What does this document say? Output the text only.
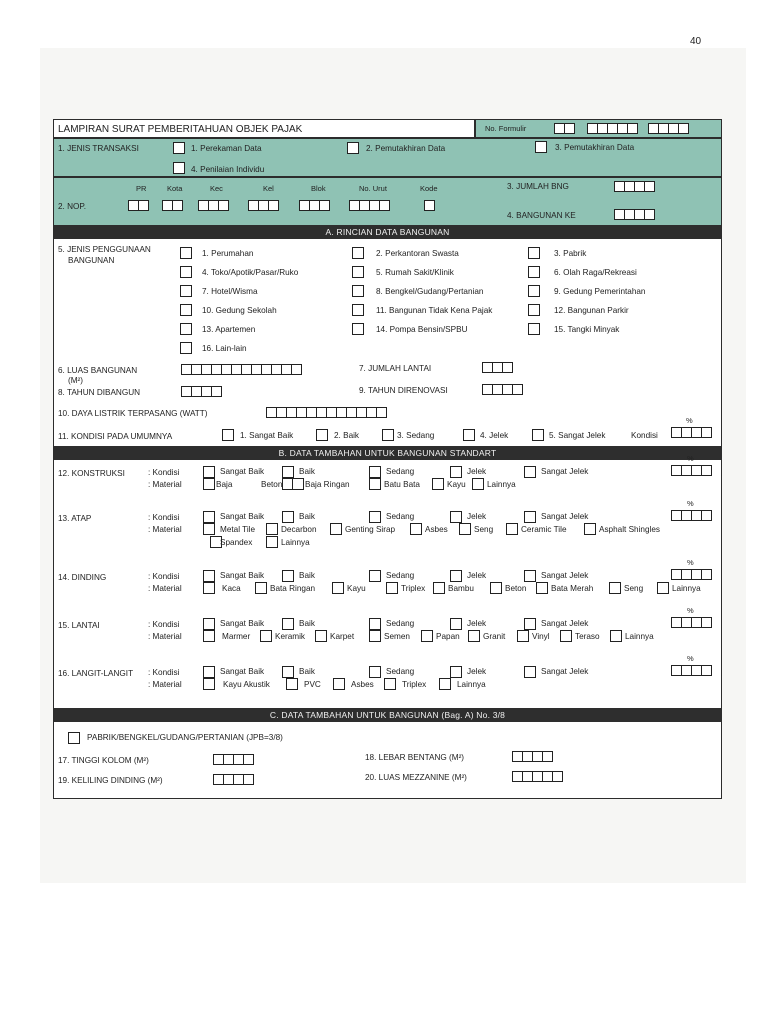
40
LAMPIRAN SURAT PEMBERITAHUAN OBJEK PAJAK	No. Formulir
1. JENIS TRANSAKSI	1. Perekaman Data	2. Pemutakhiran Data	3. Pemutakhiran Data
4. Penilaian Individu
PR	Kota	Kec	Kel	Blok	No. Urut	Kode	3. JUMLAH BNG
2. NOP.
4. BANGUNAN KE
A. RINCIAN DATA BANGUNAN
5. JENIS PENGGUNAAN
BANGUNAN
6. LUAS BANGUNAN
(M²)
7. JUMLAH LANTAI
8. TAHUN DIBANGUN	9. TAHUN DIRENOVASI
10. DAYA LISTRIK TERPASANG (WATT)
11. KONDISI PADA UMUMNYA	1. Sangat Baik	2. Baik	3. Sedang	4. Jelek	5. Sangat Jelek	Kondisi
%
B. DATA TAMBAHAN UNTUK BANGUNAN STANDART
C. DATA TAMBAHAN UNTUK BANGUNAN (Bag. A) No. 3/8
PABRIK/BENGKEL/GUDANG/PERTANIAN (JPB=3/8)
17. TINGGI KOLOM (M²)	18. LEBAR BENTANG (M²)
19. KELILING DINDING (M²)	20. LUAS MEZZANINE (M²)
1. Perumahan	2. Perkantoran Swasta	3. Pabrik
4. Toko/Apotik/Pasar/Ruko	5. Rumah Sakit/Klinik	6. Olah Raga/Rekreasi
7. Hotel/Wisma	8. Bengkel/Gudang/Pertanian	9. Gedung Pemerintahan
10. Gedung Sekolah	11. Bangunan Tidak Kena Pajak	12. Bangunan Parkir
13. Apartemen	14. Pompa Bensin/SPBU	15. Tangki Minyak
16. Lain-lain
12. KONSTRUKSI	: Kondisi
: Material
Sangat Baik	Baik	Sedang	Jelek	Sangat Jelek
%
Baja	Beton	Baja Ringan	Batu Bata	Kayu	Lainnya
13. ATAP	: Kondisi
: Material
Sangat Baik	Baik	Sedang	Jelek	Sangat Jelek
%
Metal Tile	Decarbon	Genting Sirap	Asbes	Seng	Ceramic Tile	Asphalt Shingles
Spandex	Lainnya
14. DINDING	: Kondisi
: Material
Sangat Baik	Baik	Sedang	Jelek	Sangat Jelek
%
Kaca	Bata Ringan	Kayu	Triplex	Bambu	Beton	Bata Merah	Seng	Lainnya
15. LANTAI	: Kondisi
: Material
Sangat Baik	Baik	Sedang	Jelek	Sangat Jelek
%
Marmer	Keramik	Karpet	Semen	Papan	Granit	Vinyl	Teraso	Lainnya
16. LANGIT-LANGIT : Kondisi
: Material
Sangat Baik	Baik	Sedang	Jelek	Sangat Jelek
%
Kayu Akustik	PVC	Asbes	Triplex	Lainnya
